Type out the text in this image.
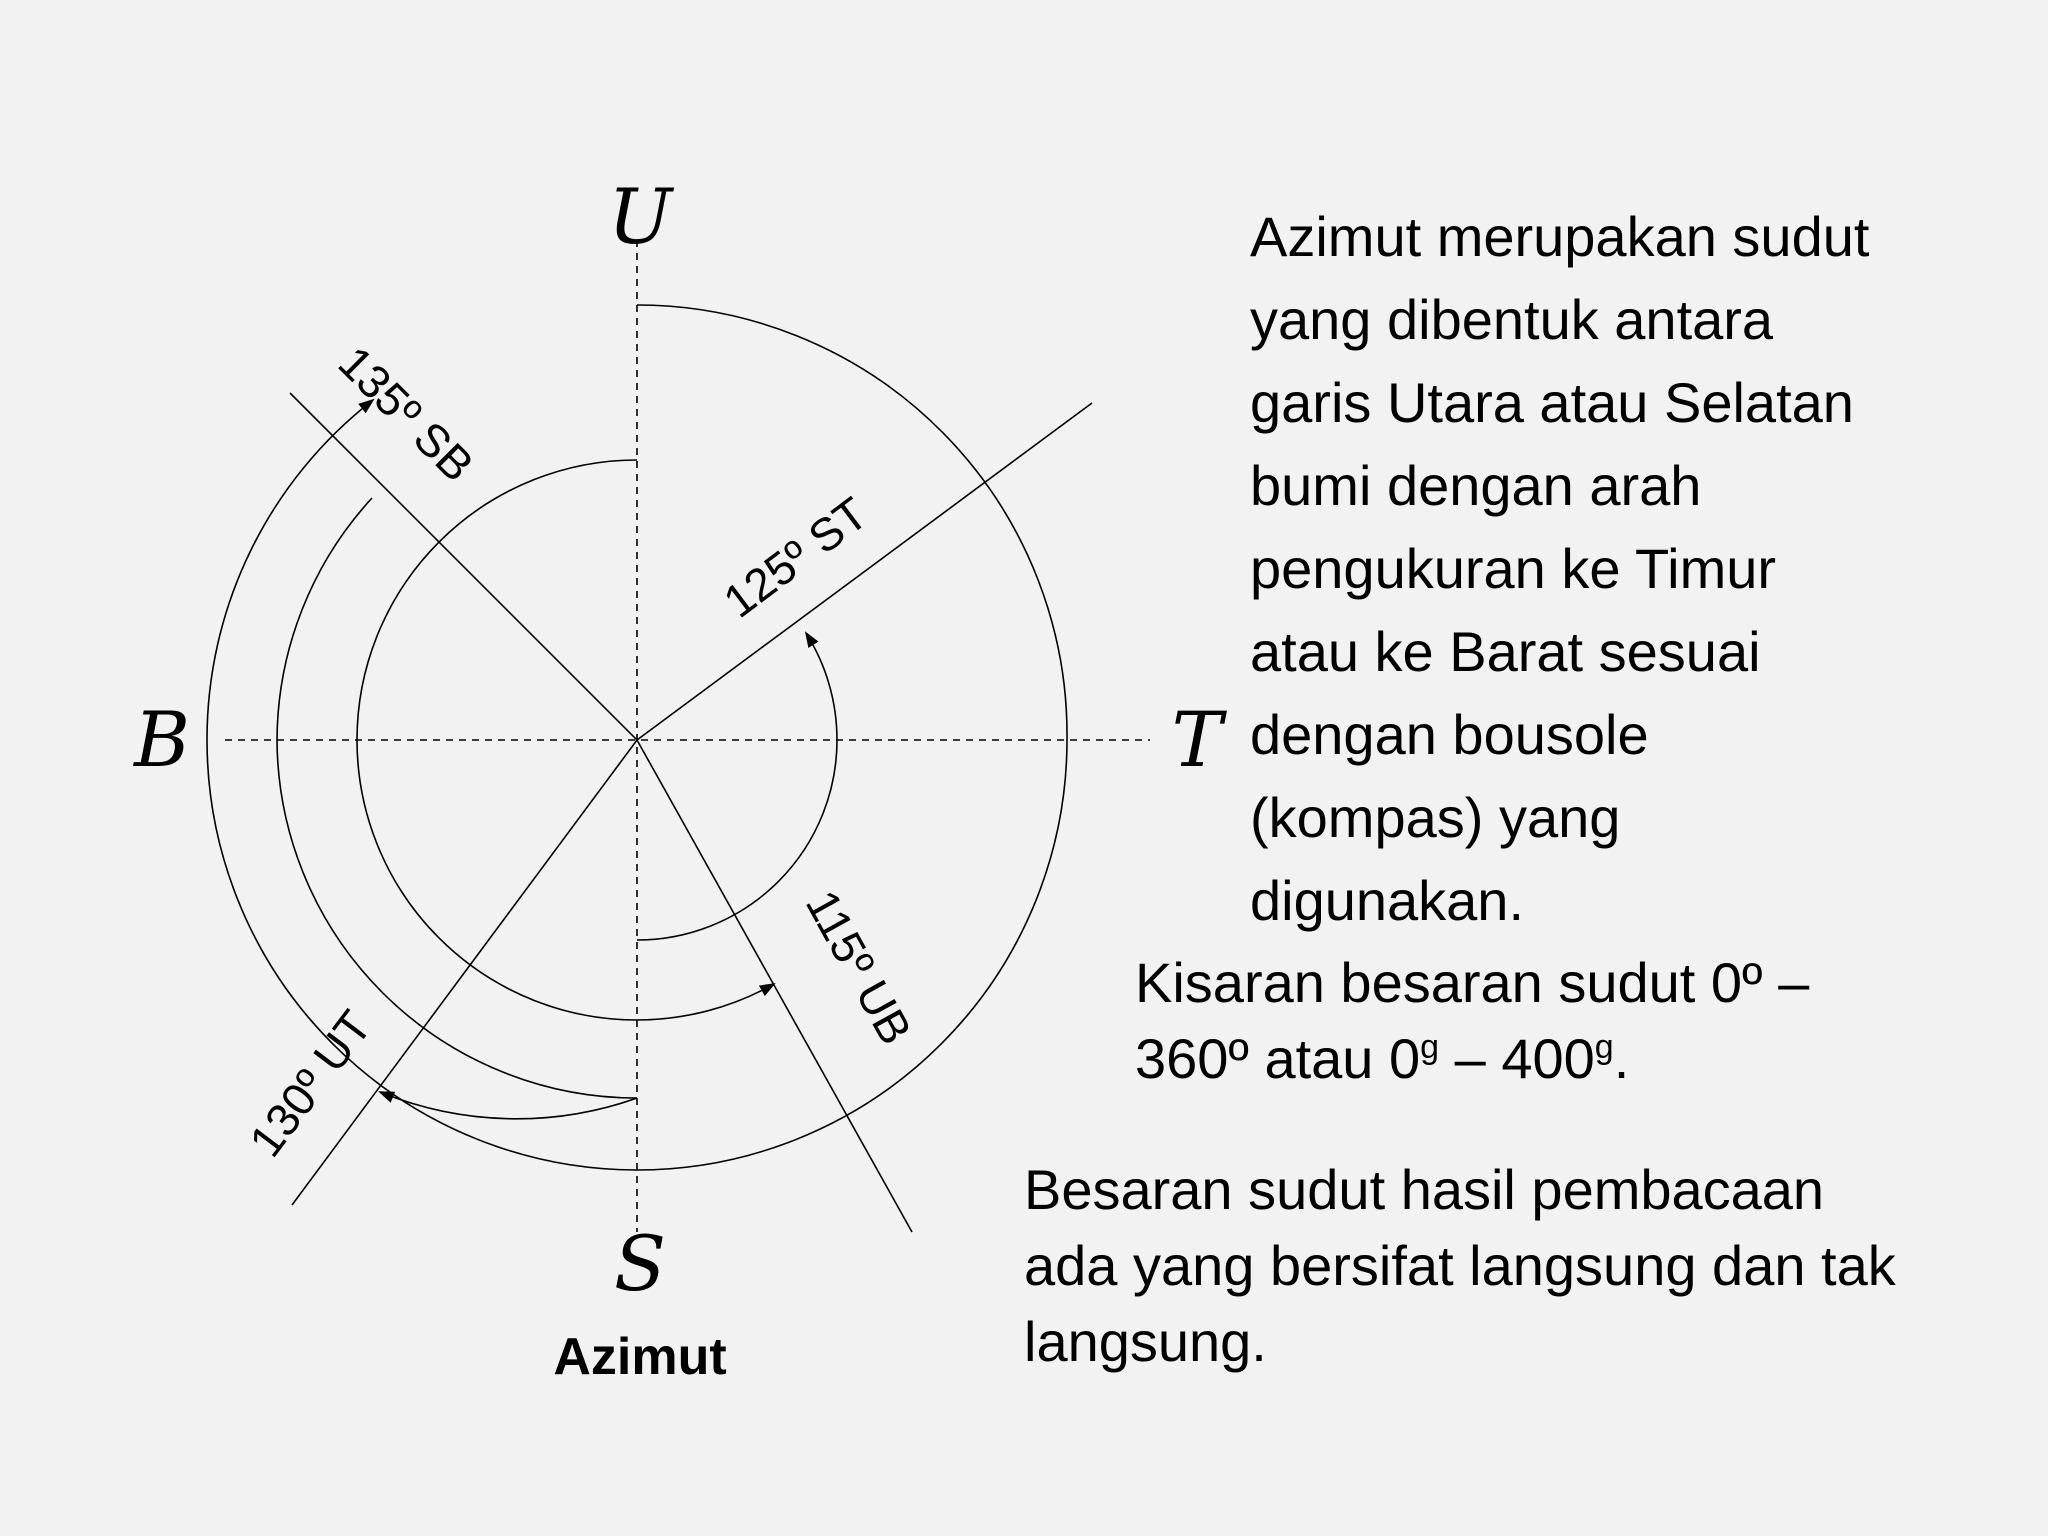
U
S
B	T
135º SB
125º ST
115º UB
130º UT
Azimut
Azimut merupakan sudut
yang dibentuk antara
garis Utara atau Selatan
bumi dengan arah
pengukuran ke Timur
atau ke Barat sesuai
dengan bousole
(kompas) yang
digunakan.
Kisaran besaran sudut 0º –
360º atau 0$^g$ – 400$^g$.
Besaran sudut hasil pembacaan
ada yang bersifat langsung dan tak
langsung.
